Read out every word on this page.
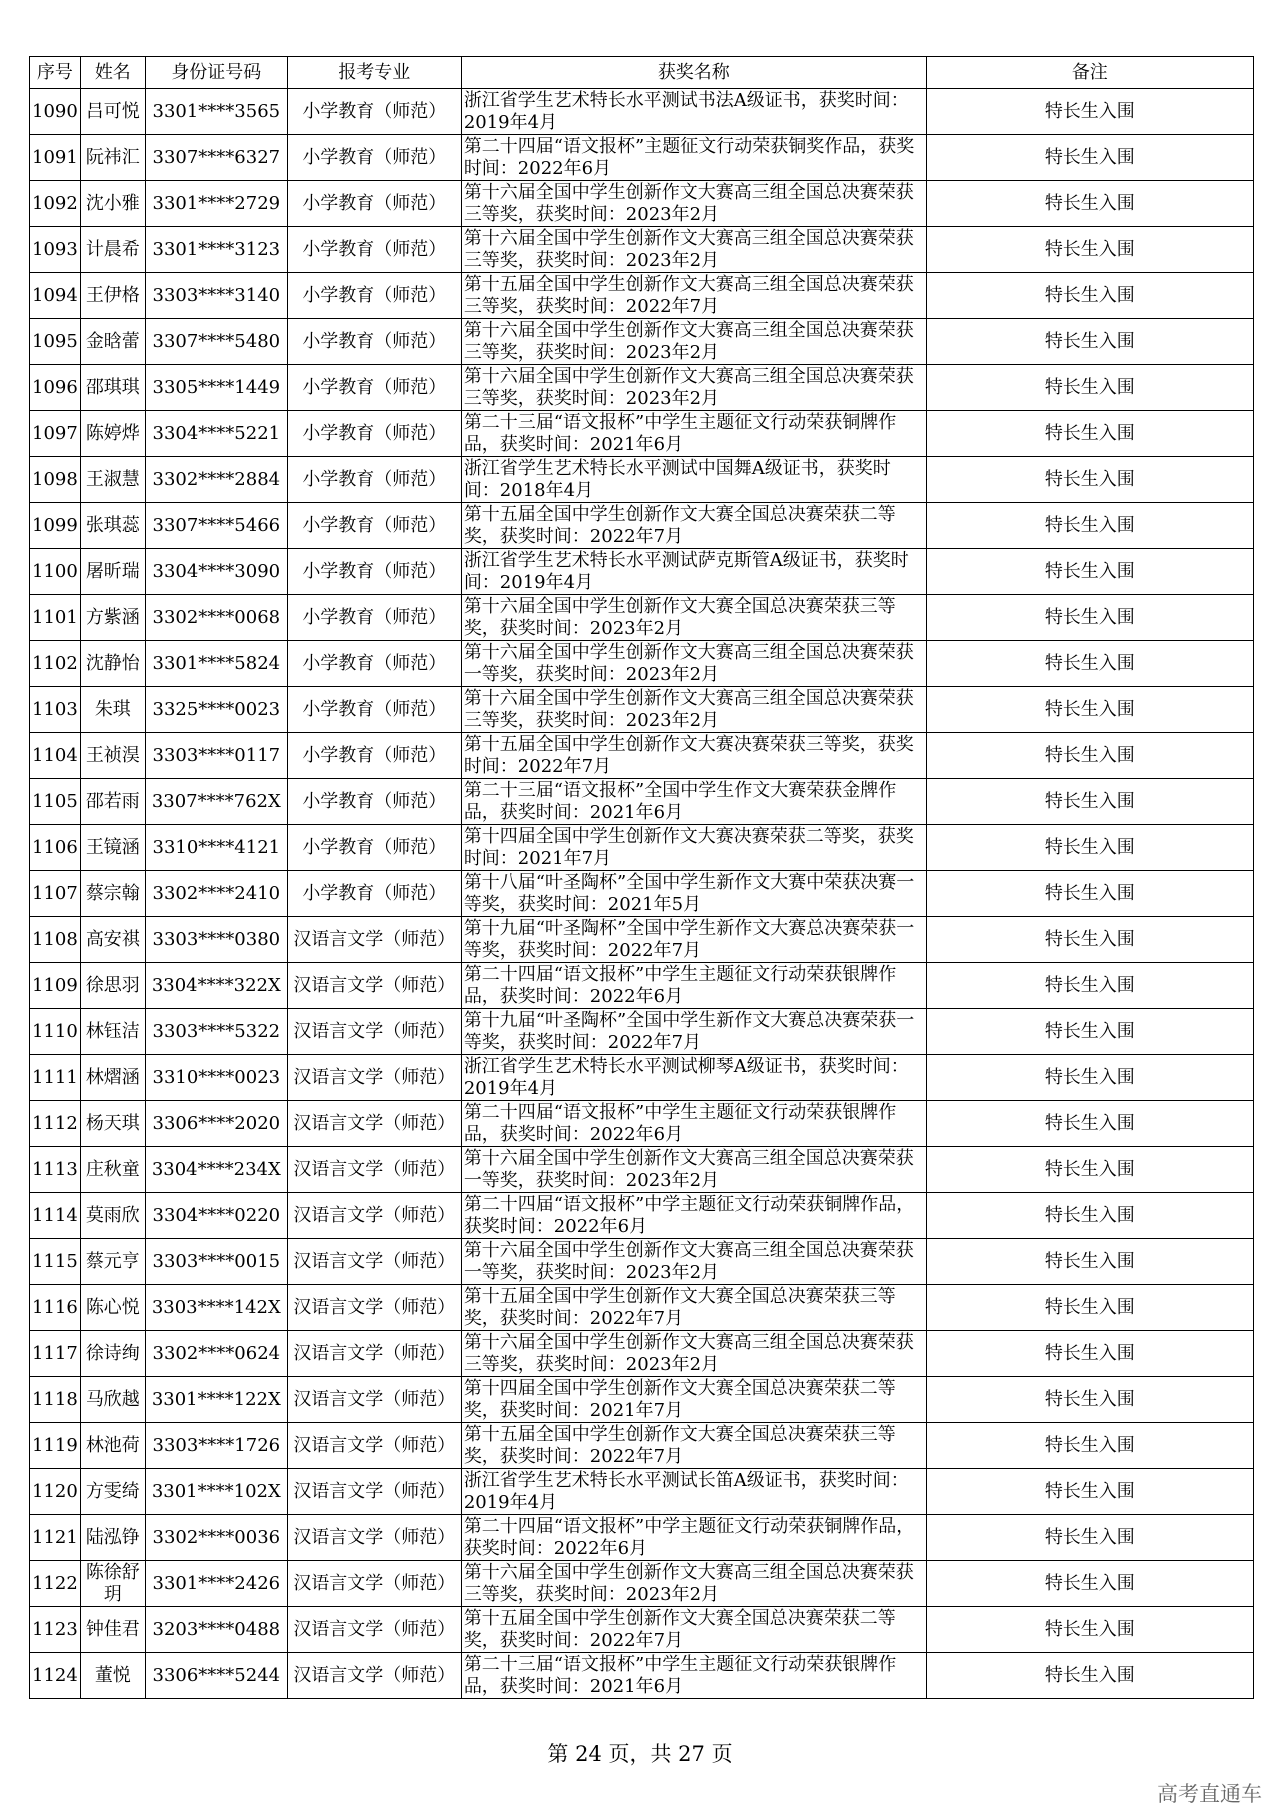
序号	姓名	身份证号码	报考专业	获奖名称	备注
1090	吕可悦	3301****3565	小学教育（师范）	浙江省学生艺术特长水平测试书法A级证书，获奖时间：2019年4月	特长生入围
1091	阮祎汇	3307****6327	小学教育（师范）	第二十四届“语文报杯”主题征文行动荣获铜奖作品，获奖时间：2022年6月	特长生入围
1092	沈小雅	3301****2729	小学教育（师范）	第十六届全国中学生创新作文大赛高三组全国总决赛荣获三等奖，获奖时间：2023年2月	特长生入围
1093	计晨希	3301****3123	小学教育（师范）	第十六届全国中学生创新作文大赛高三组全国总决赛荣获三等奖，获奖时间：2023年2月	特长生入围
1094	王伊格	3303****3140	小学教育（师范）	第十五届全国中学生创新作文大赛高三组全国总决赛荣获三等奖，获奖时间：2022年7月	特长生入围
1095	金晗蕾	3307****5480	小学教育（师范）	第十六届全国中学生创新作文大赛高三组全国总决赛荣获三等奖，获奖时间：2023年2月	特长生入围
1096	邵琪琪	3305****1449	小学教育（师范）	第十六届全国中学生创新作文大赛高三组全国总决赛荣获三等奖，获奖时间：2023年2月	特长生入围
1097	陈婷烨	3304****5221	小学教育（师范）	第二十三届“语文报杯”中学生主题征文行动荣获铜牌作品，获奖时间：2021年6月	特长生入围
1098	王淑慧	3302****2884	小学教育（师范）	浙江省学生艺术特长水平测试中国舞A级证书，获奖时间：2018年4月	特长生入围
1099	张琪蕊	3307****5466	小学教育（师范）	第十五届全国中学生创新作文大赛全国总决赛荣获二等奖，获奖时间：2022年7月	特长生入围
1100	屠昕瑞	3304****3090	小学教育（师范）	浙江省学生艺术特长水平测试萨克斯管A级证书，获奖时间：2019年4月	特长生入围
1101	方紫涵	3302****0068	小学教育（师范）	第十六届全国中学生创新作文大赛全国总决赛荣获三等奖，获奖时间：2023年2月	特长生入围
1102	沈静怡	3301****5824	小学教育（师范）	第十六届全国中学生创新作文大赛高三组全国总决赛荣获一等奖，获奖时间：2023年2月	特长生入围
1103	朱琪	3325****0023	小学教育（师范）	第十六届全国中学生创新作文大赛高三组全国总决赛荣获三等奖，获奖时间：2023年2月	特长生入围
1104	王祯淏	3303****0117	小学教育（师范）	第十五届全国中学生创新作文大赛决赛荣获三等奖，获奖时间：2022年7月	特长生入围
1105	邵若雨	3307****762X	小学教育（师范）	第二十三届“语文报杯”全国中学生作文大赛荣获金牌作品，获奖时间：2021年6月	特长生入围
1106	王镜涵	3310****4121	小学教育（师范）	第十四届全国中学生创新作文大赛决赛荣获二等奖，获奖时间：2021年7月	特长生入围
1107	蔡宗翰	3302****2410	小学教育（师范）	第十八届“叶圣陶杯”全国中学生新作文大赛中荣获决赛一等奖，获奖时间：2021年5月	特长生入围
1108	高安祺	3303****0380	汉语言文学（师范）	第十九届“叶圣陶杯”全国中学生新作文大赛总决赛荣获一等奖，获奖时间：2022年7月	特长生入围
1109	徐思羽	3304****322X	汉语言文学（师范）	第二十四届“语文报杯”中学生主题征文行动荣获银牌作品，获奖时间：2022年6月	特长生入围
1110	林钰洁	3303****5322	汉语言文学（师范）	第十九届“叶圣陶杯”全国中学生新作文大赛总决赛荣获一等奖，获奖时间：2022年7月	特长生入围
1111	林熠涵	3310****0023	汉语言文学（师范）	浙江省学生艺术特长水平测试柳琴A级证书，获奖时间：2019年4月	特长生入围
1112	杨天琪	3306****2020	汉语言文学（师范）	第二十四届“语文报杯”中学生主题征文行动荣获银牌作品，获奖时间：2022年6月	特长生入围
1113	庄秋童	3304****234X	汉语言文学（师范）	第十六届全国中学生创新作文大赛高三组全国总决赛荣获一等奖，获奖时间：2023年2月	特长生入围
1114	莫雨欣	3304****0220	汉语言文学（师范）	第二十四届“语文报杯”中学主题征文行动荣获铜牌作品，获奖时间：2022年6月	特长生入围
1115	蔡元亨	3303****0015	汉语言文学（师范）	第十六届全国中学生创新作文大赛高三组全国总决赛荣获一等奖，获奖时间：2023年2月	特长生入围
1116	陈心悦	3303****142X	汉语言文学（师范）	第十五届全国中学生创新作文大赛全国总决赛荣获三等奖，获奖时间：2022年7月	特长生入围
1117	徐诗绚	3302****0624	汉语言文学（师范）	第十六届全国中学生创新作文大赛高三组全国总决赛荣获三等奖，获奖时间：2023年2月	特长生入围
1118	马欣越	3301****122X	汉语言文学（师范）	第十四届全国中学生创新作文大赛全国总决赛荣获二等奖，获奖时间：2021年7月	特长生入围
1119	林池荷	3303****1726	汉语言文学（师范）	第十五届全国中学生创新作文大赛全国总决赛荣获三等奖，获奖时间：2022年7月	特长生入围
1120	方雯绮	3301****102X	汉语言文学（师范）	浙江省学生艺术特长水平测试长笛A级证书，获奖时间：2019年4月	特长生入围
1121	陆泓铮	3302****0036	汉语言文学（师范）	第二十四届“语文报杯”中学主题征文行动荣获铜牌作品，获奖时间：2022年6月	特长生入围
1122	陈徐舒玥	3301****2426	汉语言文学（师范）	第十六届全国中学生创新作文大赛高三组全国总决赛荣获三等奖，获奖时间：2023年2月	特长生入围
1123	钟佳君	3203****0488	汉语言文学（师范）	第十五届全国中学生创新作文大赛全国总决赛荣获二等奖，获奖时间：2022年7月	特长生入围
1124	董悦	3306****5244	汉语言文学（师范）	第二十三届“语文报杯”中学生主题征文行动荣获银牌作品，获奖时间：2021年6月	特长生入围
第 24 页，共 27 页
高考直通车
